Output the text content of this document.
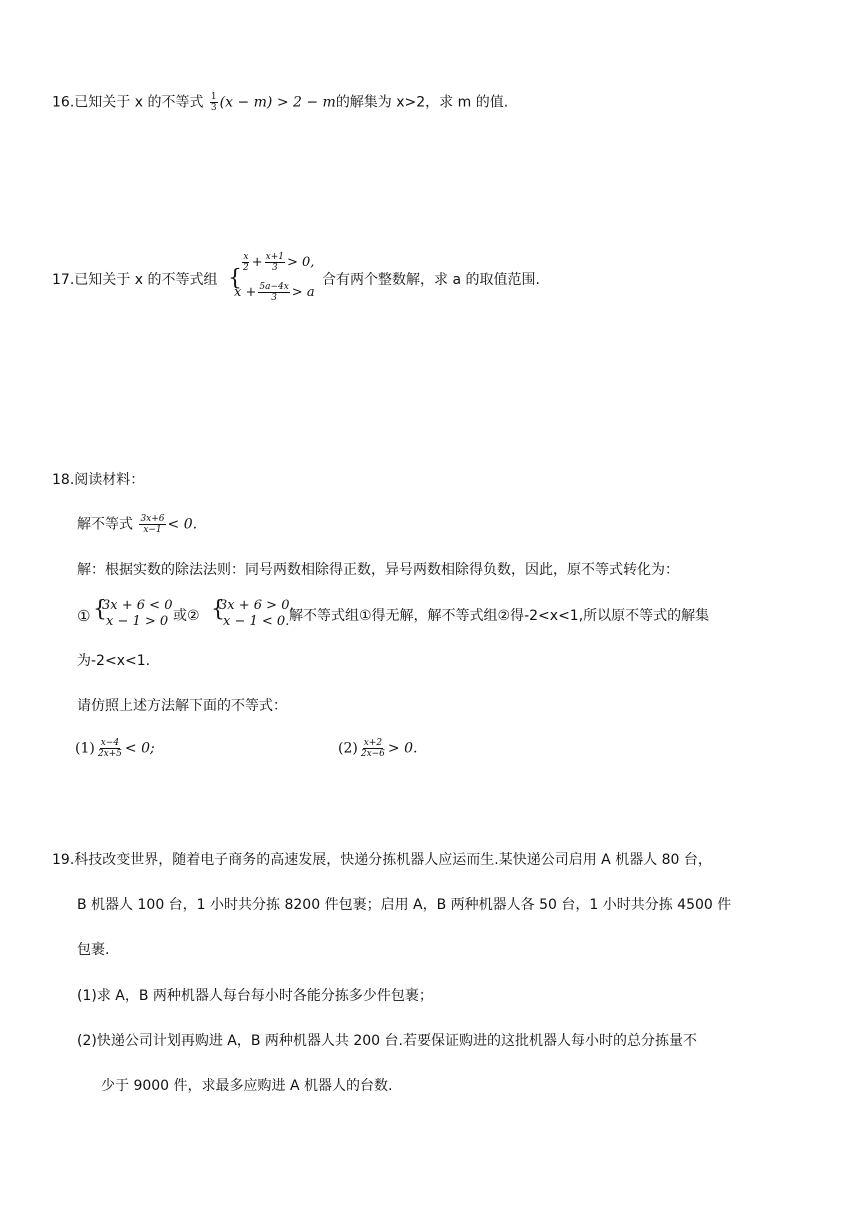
16.已知关于 x 的不等式 $\frac{1}{3} (x - m) > 2 - m$的解集为 x>2，求 m 的值.
17.已知关于 x 的不等式组 {
$\frac{x}{2} + \frac{x+1}{3} > 0$,
$x + \frac{5a-4x}{3} > a$
合有两个整数解，求 a 的取值范围.
18.阅读材料：
解不等式 $\frac{3x+6}{x-1} < 0$.
解：根据实数的除法法则：同号两数相除得正数，异号两数相除得负数，因此，原不等式转化为：
① {
3x + 6 < 0
x − 1 > 0 或② {
3x + 6 > 0,
x − 1 < 0. 解不等式组①得无解，解不等式组②得-2<x<1,所以原不等式的解集
为-2<x<1.
请仿照上述方法解下面的不等式：
$(1) \frac{x-4}{2x+5} < 0$;	$(2) \frac{x+2}{2x-6} > 0$.
19.科技改变世界，随着电子商务的高速发展，快递分拣机器人应运而生.某快递公司启用 A 机器人 80 台，
B 机器人 100 台，1 小时共分拣 8200 件包裹；启用 A，B 两种机器人各 50 台，1 小时共分拣 4500 件
包裹.
(1)求 A，B 两种机器人每台每小时各能分拣多少件包裹；
(2)快递公司计划再购进 A，B 两种机器人共 200 台.若要保证购进的这批机器人每小时的总分拣量不
少于 9000 件，求最多应购进 A 机器人的台数.
